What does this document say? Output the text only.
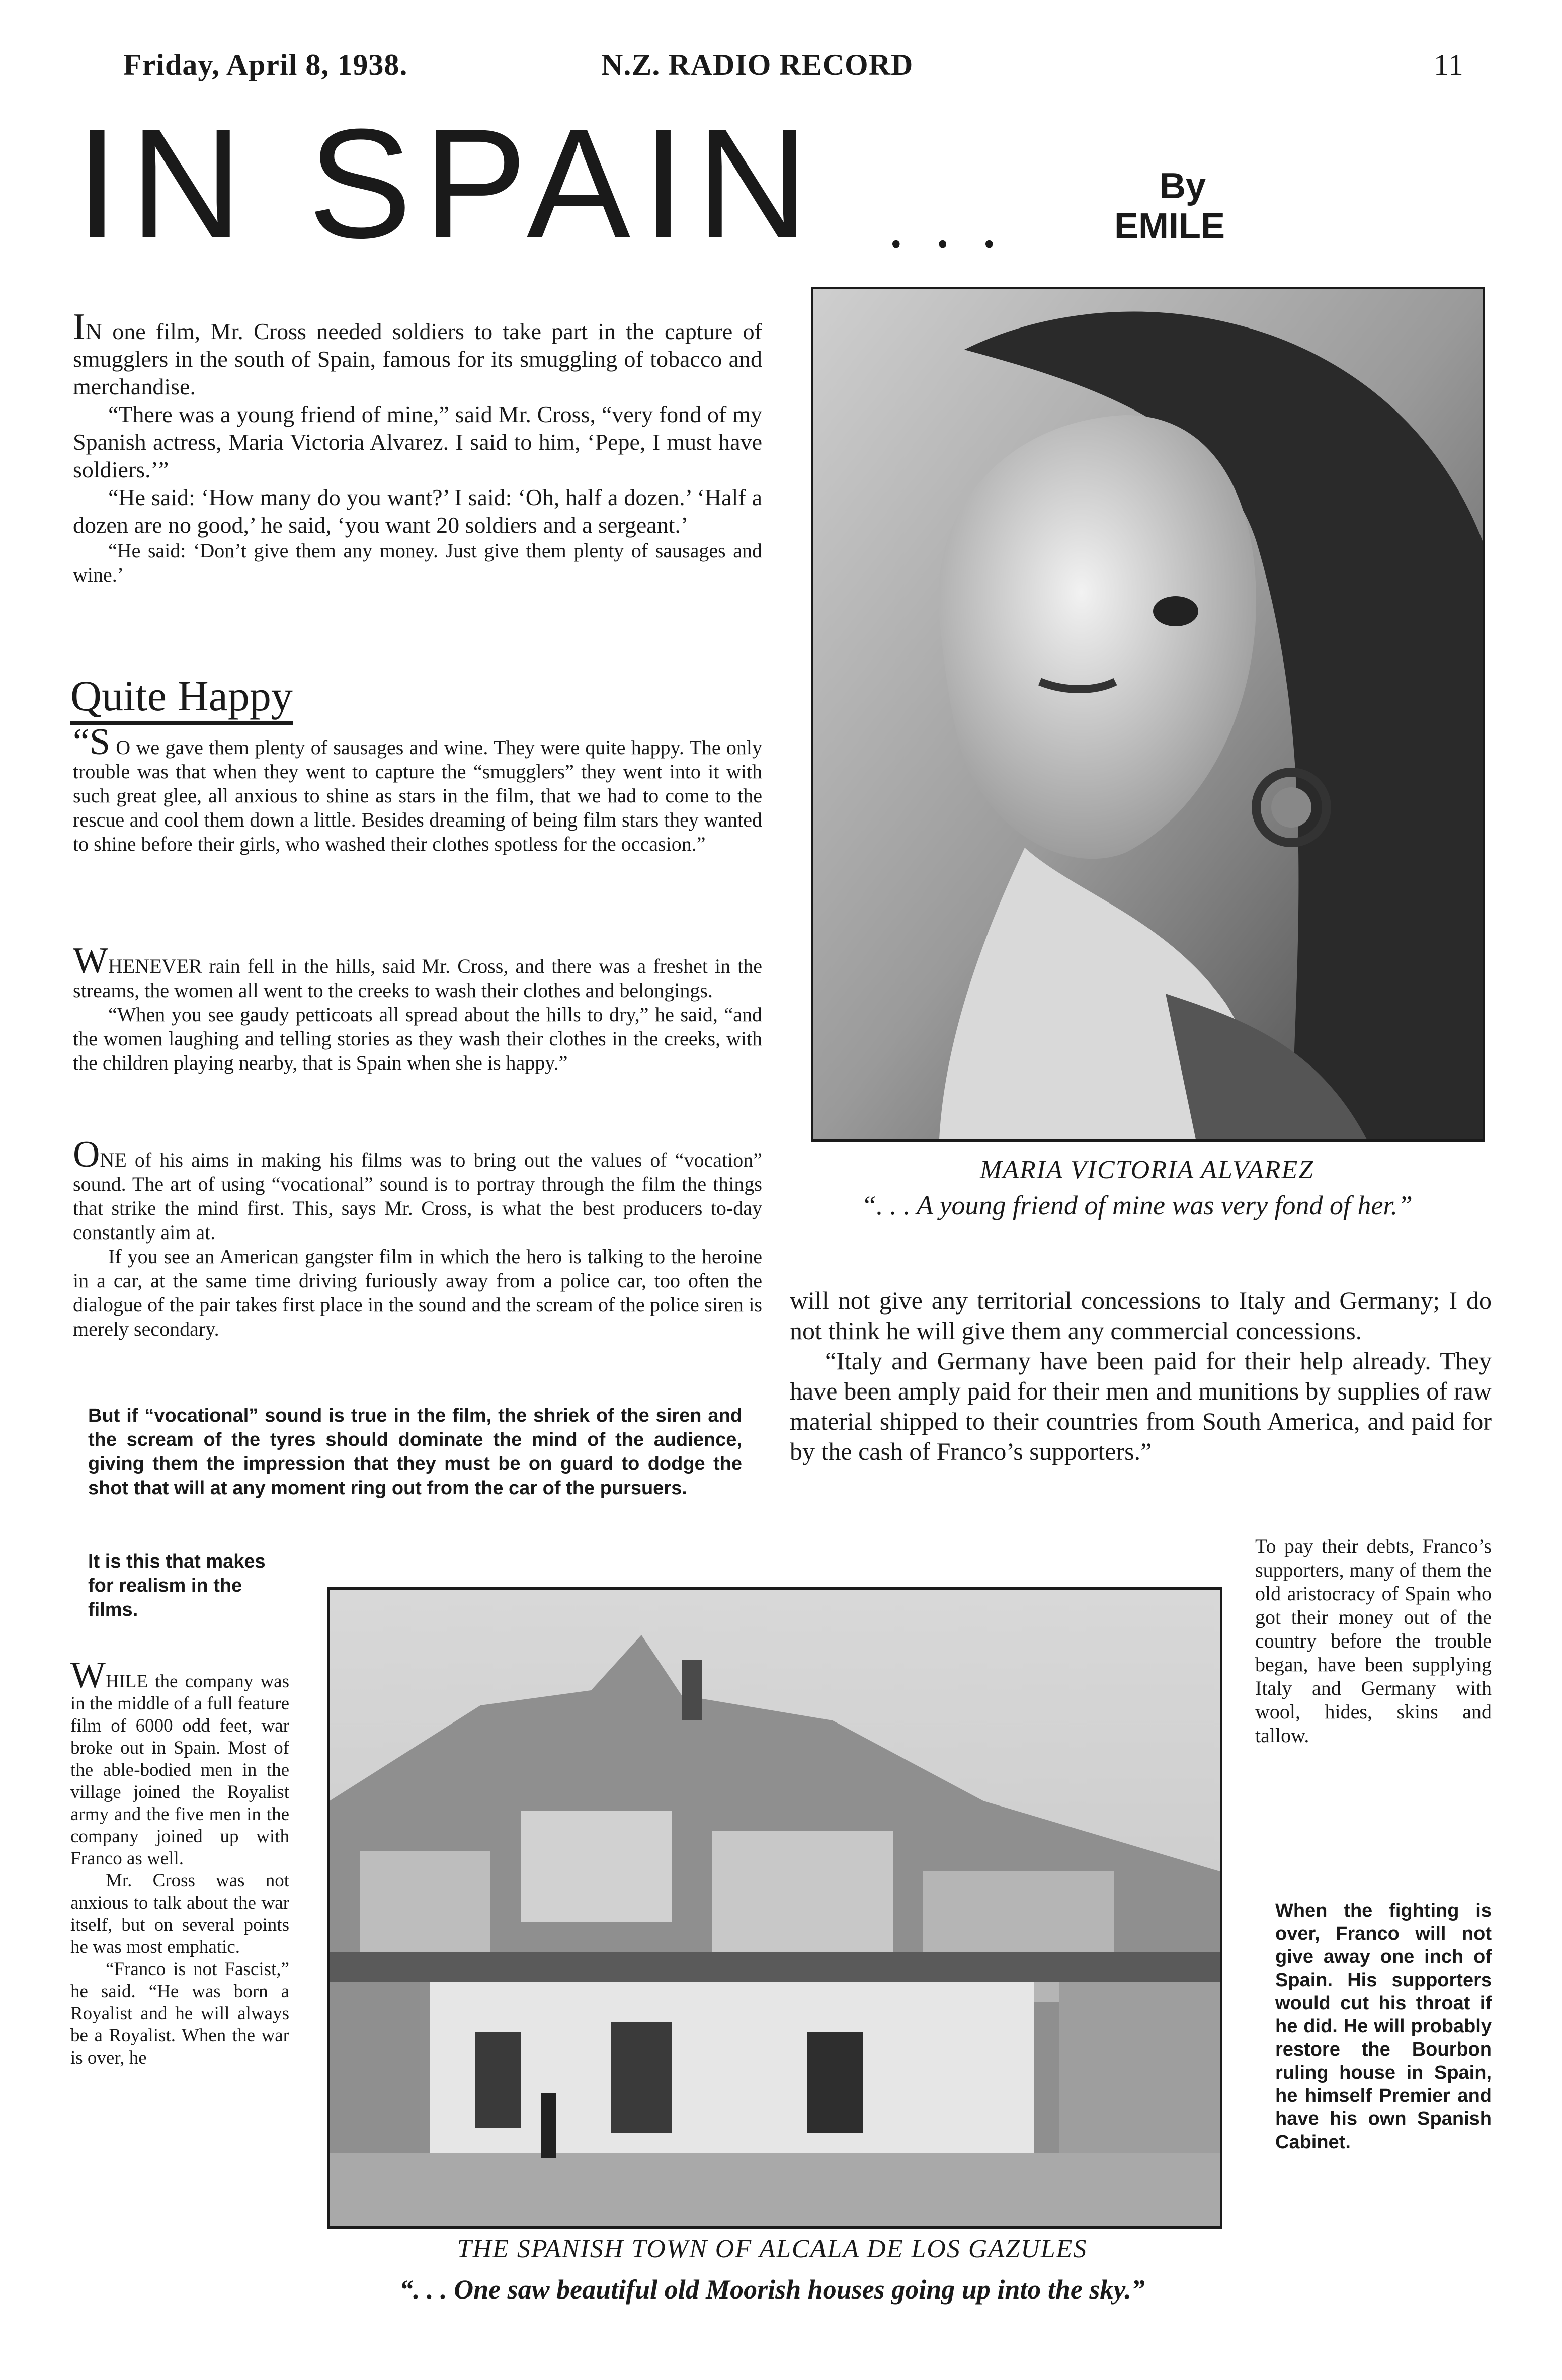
Friday, April 8, 1938.	N.Z. RADIO RECORD	11
IN SPAIN ...
By
EMILE

IN one film, Mr. Cross needed soldiers to take part in the capture of smugglers in the south of Spain, famous for its smuggling of tobacco and merchandise.

“There was a young friend of mine,” said Mr. Cross, “very fond of my Spanish actress, Maria Victoria Alvarez. I said to him, ‘Pepe, I must have soldiers.’”

“He said: ‘How many do you want?’ I said: ‘Oh, half a dozen.’ ‘Half a dozen are no good,’ he said, ‘you want 20 soldiers and a sergeant.’

“He said: ‘Don’t give them any money. Just give them plenty of sausages and wine.’

Quite Happy

“S O we gave them plenty of sausages and wine. They were quite happy. The only trouble was that when they went to capture the “smugglers” they went into it with such great glee, all anxious to shine as stars in the film, that we had to come to the rescue and cool them down a little. Besides dreaming of being film stars they wanted to shine before their girls, who washed their clothes spotless for the occasion.”

WHENEVER rain fell in the hills, said Mr. Cross, and there was a freshet in the streams, the women all went to the creeks to wash their clothes and belongings.

“When you see gaudy petticoats all spread about the hills to dry,” he said, “and the women laughing and telling stories as they wash their clothes in the creeks, with the children playing nearby, that is Spain when she is happy.”

ONE of his aims in making his films was to bring out the values of “vocation” sound. The art of using “vocational” sound is to portray through the film the things that strike the mind first. This, says Mr. Cross, is what the best producers to-day constantly aim at.

If you see an American gangster film in which the hero is talking to the heroine in a car, at the same time driving furiously away from a police car, too often the dialogue of the pair takes first place in the sound and the scream of the police siren is merely secondary.

But if “vocational” sound is true in the film, the shriek of the siren and the scream of the tyres should dominate the mind of the audience, giving them the impression that they must be on guard to dodge the shot that will at any moment ring out from the car of the pursuers.
It is this that makes for realism in the films.

WHILE the company was in the middle of a full feature film of 6000 odd feet, war broke out in Spain. Most of the able-bodied men in the village joined the Royalist army and the five men in the company joined up with Franco as well.

Mr. Cross was not anxious to talk about the war itself, but on several points he was most emphatic.

“Franco is not Fascist,” he said. “He was born a Royalist and he will always be a Royalist. When the war is over, he

MARIA VICTORIA ALVAREZ
“. . . A young friend of mine was very fond of her.”

will not give any territorial concessions to Italy and Germany; I do not think he will give them any commercial concessions.

“Italy and Germany have been paid for their help already. They have been amply paid for their men and munitions by supplies of raw material shipped to their countries from South America, and paid for by the cash of Franco’s supporters.”

To pay their debts, Franco’s supporters, many of them the old aristocracy of Spain who got their money out of the country before the trouble began, have been supplying Italy and Germany with wool, hides, skins and tallow.
When the fighting is over, Franco will not give away one inch of Spain. His supporters would cut his throat if he did. He will probably restore the Bourbon ruling house in Spain, he himself Premier and have his own Spanish Cabinet.
THE SPANISH TOWN OF ALCALA DE LOS GAZULES
“. . . One saw beautiful old Moorish houses going up into the sky.”
